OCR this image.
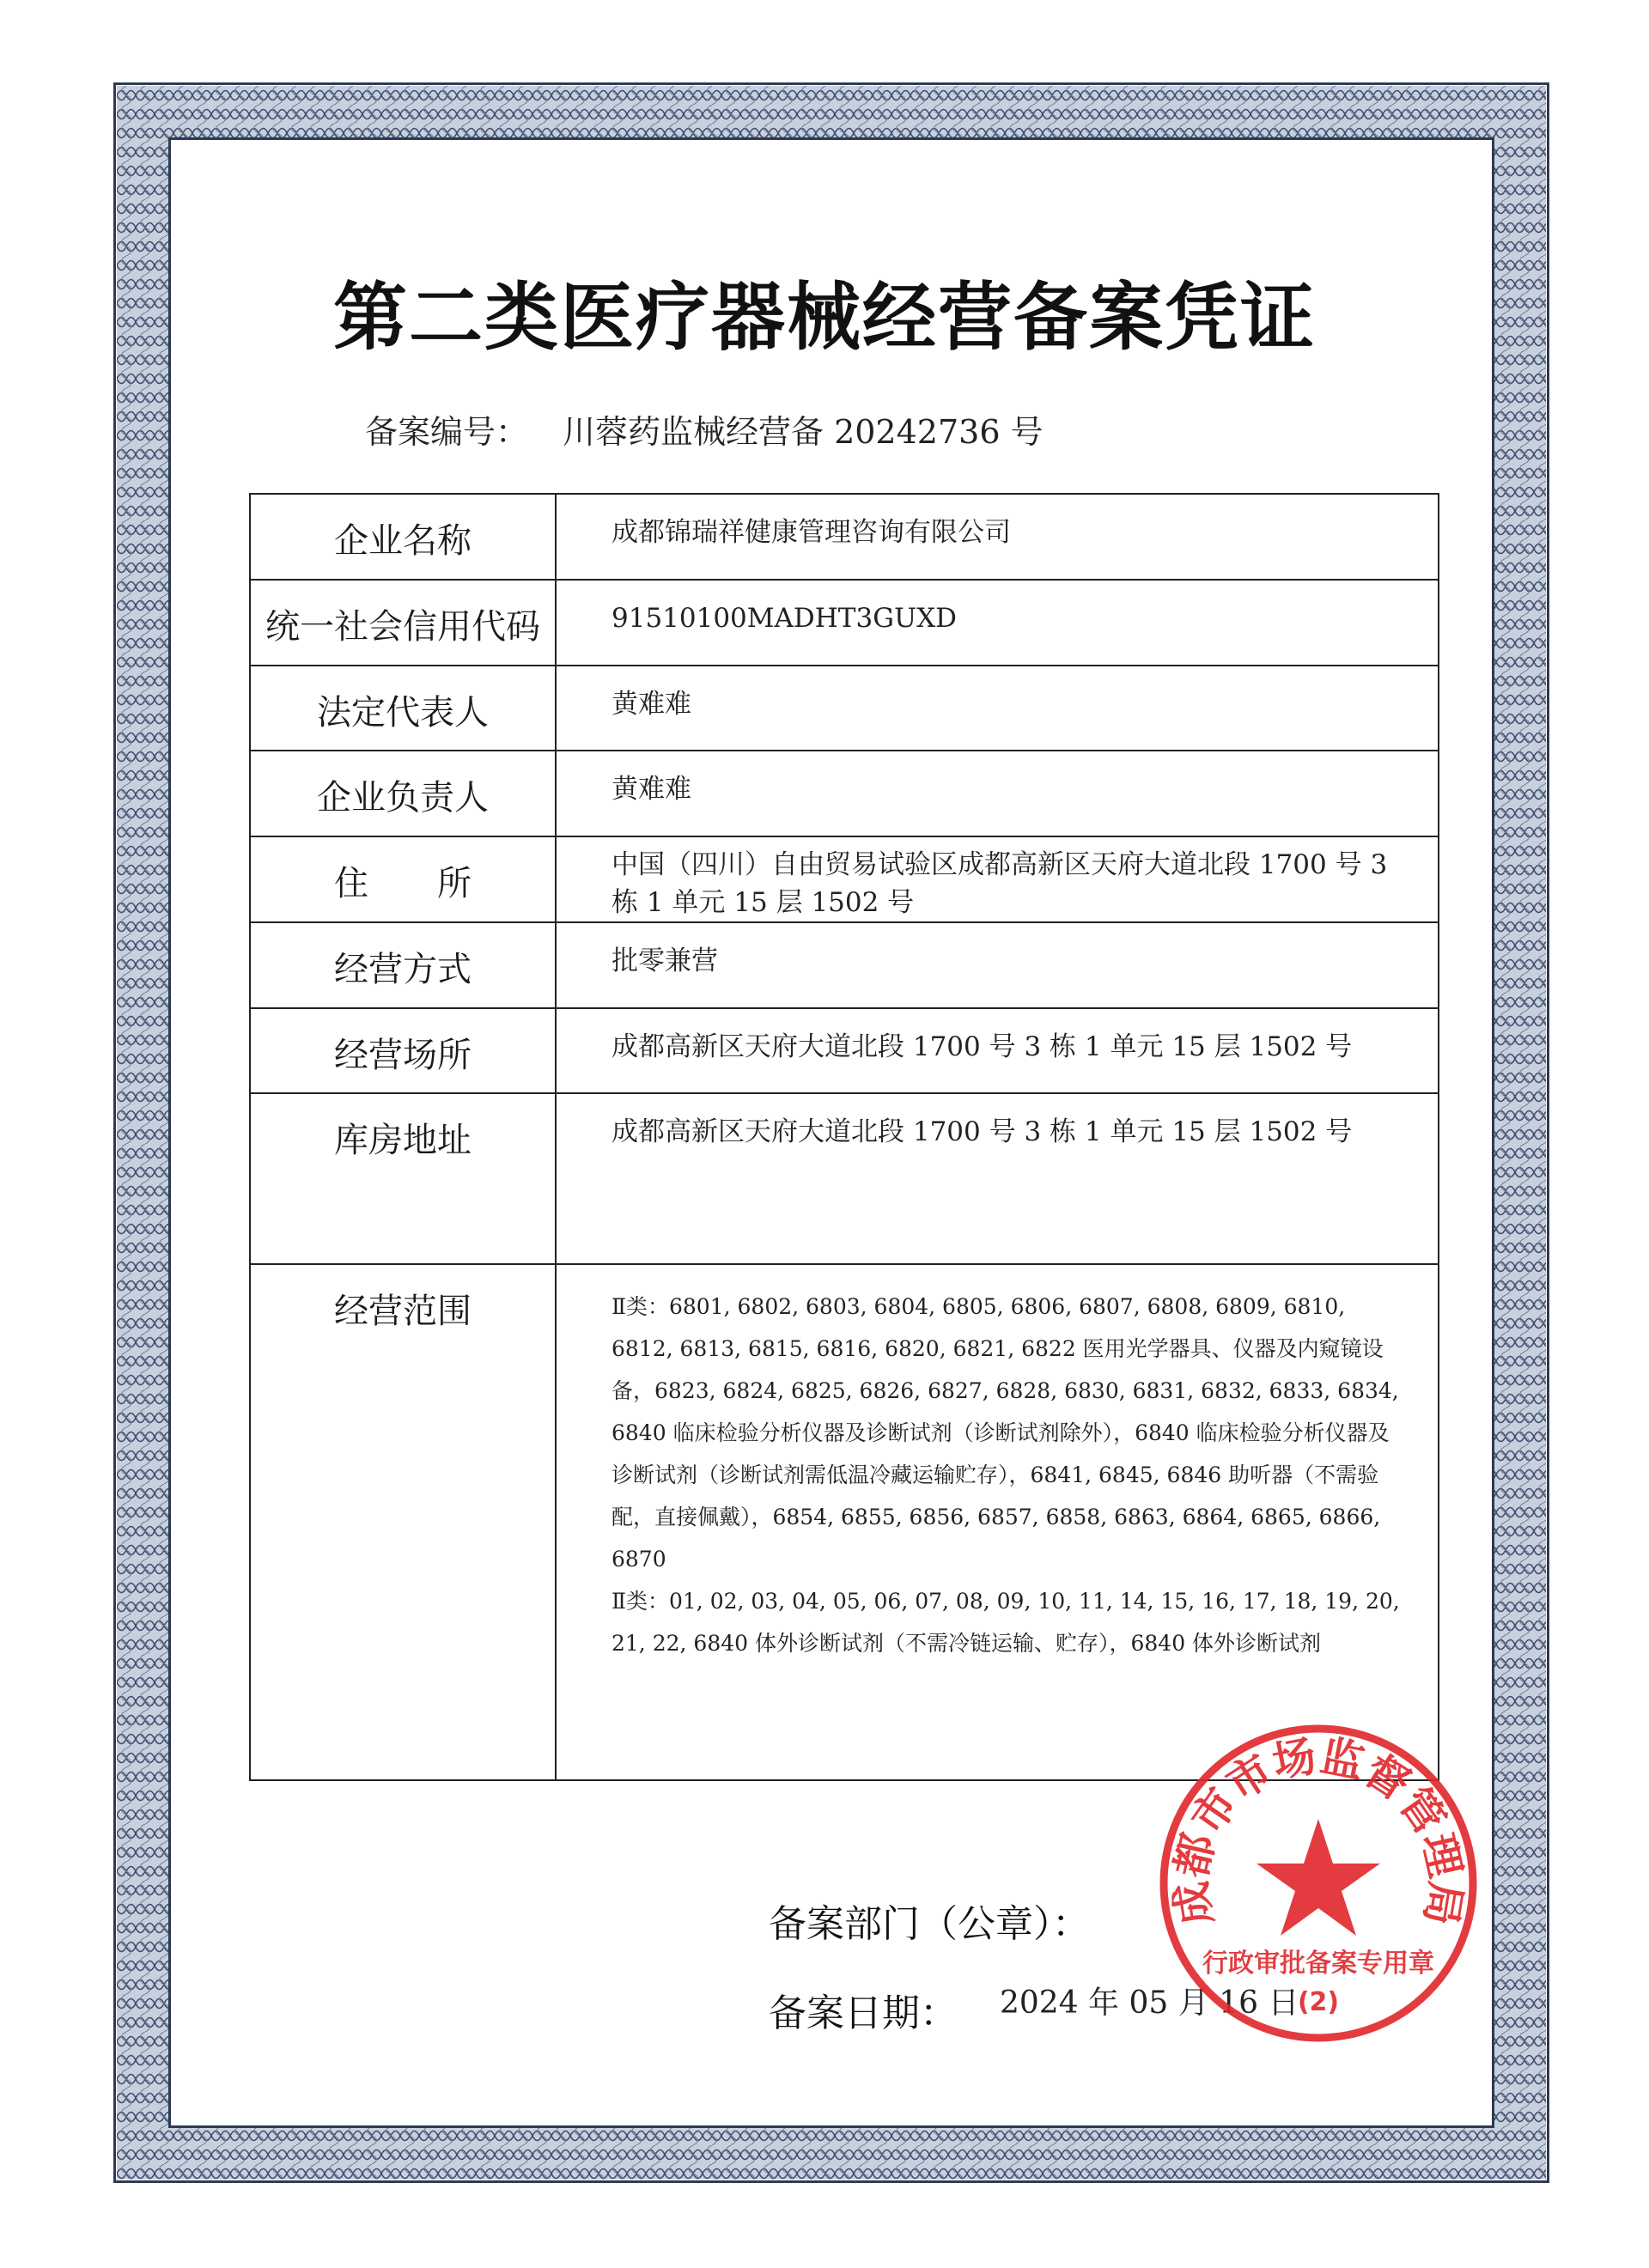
第二类医疗器械经营备案凭证
备案编号： 川蓉药监械经营备 20242736 号
企业名称	成都锦瑞祥健康管理咨询有限公司
统一社会信用代码	91510100MADHT3GUXD
法定代表人	黄难难
企业负责人	黄难难
住　　所	中国（四川）自由贸易试验区成都高新区天府大道北段 1700 号 3 栋 1 单元 15 层 1502 号
经营方式	批零兼营
经营场所	成都高新区天府大道北段 1700 号 3 栋 1 单元 15 层 1502 号
库房地址	成都高新区天府大道北段 1700 号 3 栋 1 单元 15 层 1502 号
经营范围	Ⅱ类：6801, 6802, 6803, 6804, 6805, 6806, 6807, 6808, 6809, 6810, 6812, 6813, 6815, 6816, 6820, 6821, 6822 医用光学器具、仪器及内窥镜设备，6823, 6824, 6825, 6826, 6827, 6828, 6830, 6831, 6832, 6833, 6834, 6840 临床检验分析仪器及诊断试剂（诊断试剂除外），6840 临床检验分析仪器及诊断试剂（诊断试剂需低温冷藏运输贮存），6841, 6845, 6846 助听器（不需验配，直接佩戴），6854, 6855, 6856, 6857, 6858, 6863, 6864, 6865, 6866, 6870
Ⅱ类：01, 02, 03, 04, 05, 06, 07, 08, 09, 10, 11, 14, 15, 16, 17, 18, 19, 20, 21, 22, 6840 体外诊断试剂（不需冷链运输、贮存），6840 体外诊断试剂
备案部门（公章）：
备案日期： 2024 年 05 月 16 日
成都市市场监督管理局
行政审批备案专用章
(2)
